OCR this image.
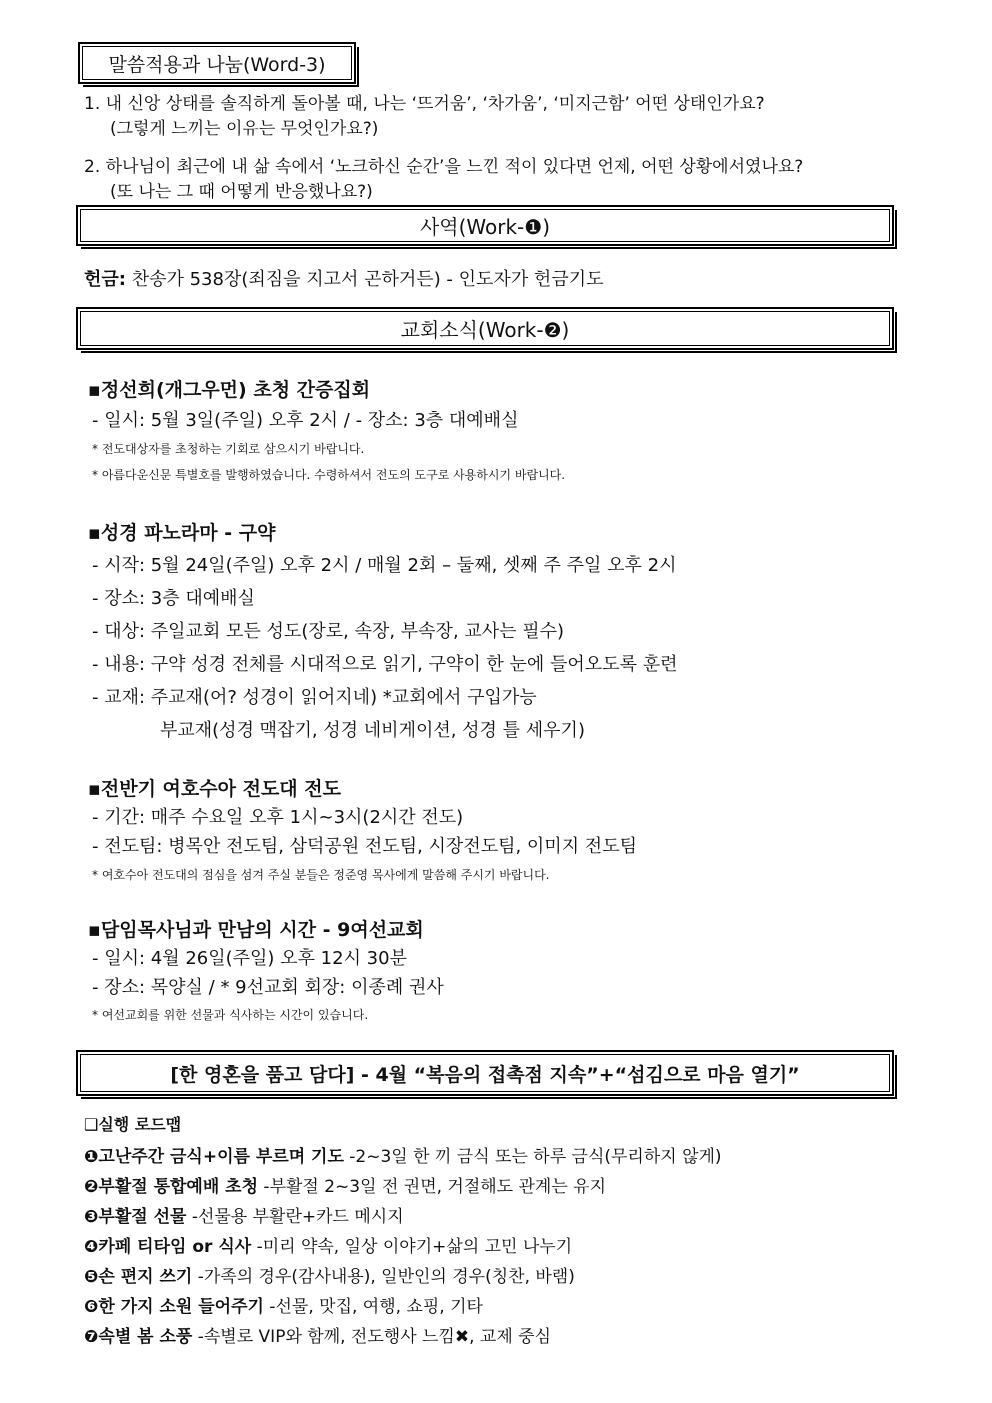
말씀적용과 나눔(Word-3)
1. 내 신앙 상태를 솔직하게 돌아볼 때, 나는 ‘뜨거움’, ‘차가움’, ‘미지근함’ 어떤 상태인가요?
(그렇게 느끼는 이유는 무엇인가요?)
2. 하나님이 최근에 내 삶 속에서 ‘노크하신 순간’을 느낀 적이 있다면 언제, 어떤 상황에서였나요?
(또 나는 그 때 어떻게 반응했나요?)
사역(Work-❶)
헌금: 찬송가 538장(죄짐을 지고서 곤하거든) - 인도자가 헌금기도
교회소식(Work-❷)
▪정선희(개그우먼) 초청 간증집회
- 일시: 5월 3일(주일) 오후 2시 / - 장소: 3층 대예배실
* 전도대상자를 초청하는 기회로 삼으시기 바랍니다.
* 아름다운신문 특별호를 발행하였습니다. 수령하셔서 전도의 도구로 사용하시기 바랍니다.
▪성경 파노라마 - 구약
- 시작: 5월 24일(주일) 오후 2시 / 매월 2회 – 둘째, 셋째 주 주일 오후 2시
- 장소: 3층 대예배실
- 대상: 주일교회 모든 성도(장로, 속장, 부속장, 교사는 필수)
- 내용: 구약 성경 전체를 시대적으로 읽기, 구약이 한 눈에 들어오도록 훈련
- 교재: 주교재(어? 성경이 읽어지네) *교회에서 구입가능
부교재(성경 맥잡기, 성경 네비게이션, 성경 틀 세우기)
▪전반기 여호수아 전도대 전도
- 기간: 매주 수요일 오후 1시~3시(2시간 전도)
- 전도팀: 병목안 전도팀, 삼덕공원 전도팀, 시장전도팀, 이미지 전도팀
* 여호수아 전도대의 점심을 섬겨 주실 분들은 정준영 목사에게 말씀해 주시기 바랍니다.
▪담임목사님과 만남의 시간 - 9여선교회
- 일시: 4월 26일(주일) 오후 12시 30분
- 장소: 목양실 / * 9선교회 회장: 이종례 권사
* 여선교회를 위한 선물과 식사하는 시간이 있습니다.
[한 영혼을 품고 담다] - 4월 “복음의 접촉점 지속”+“섬김으로 마음 열기”
❑실행 로드맵
❶고난주간 금식+이름 부르며 기도 -2~3일 한 끼 금식 또는 하루 금식(무리하지 않게)
❷부활절 통합예배 초청 -부활절 2~3일 전 권면, 거절해도 관계는 유지
❸부활절 선물 -선물용 부활란+카드 메시지
❹카페 티타임 or 식사 -미리 약속, 일상 이야기+삶의 고민 나누기
❺손 편지 쓰기 -가족의 경우(감사내용), 일반인의 경우(칭찬, 바램)
❻한 가지 소원 들어주기 -선물, 맛집, 여행, 쇼핑, 기타
❼속별 봄 소풍 -속별로 VIP와 함께, 전도행사 느낌✖, 교제 중심
